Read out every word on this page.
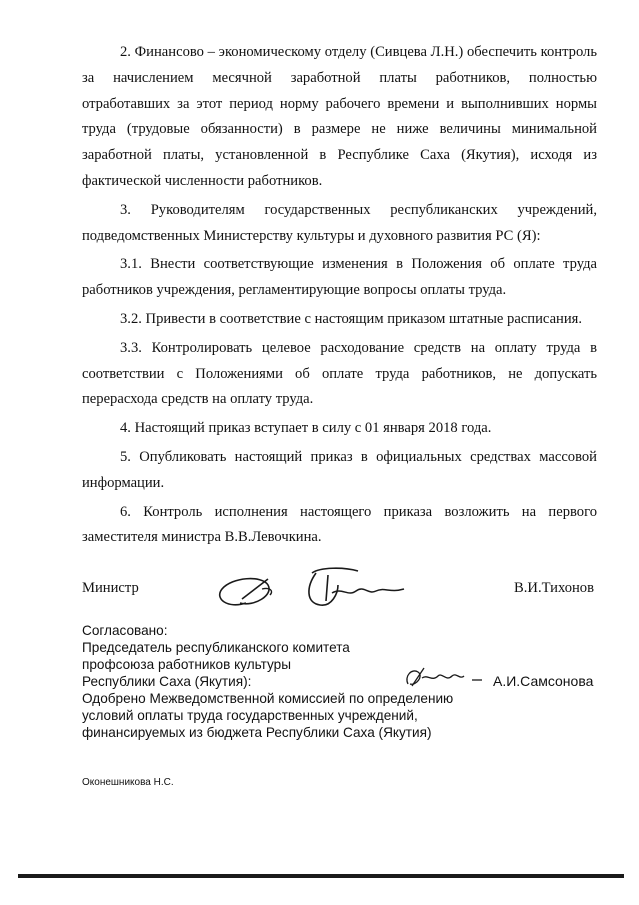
2. Финансово – экономическому отделу (Сивцева Л.Н.) обеспечить контроль за начислением месячной заработной платы работников, полностью отработавших за этот период норму рабочего времени и выполнивших нормы труда (трудовые обязанности) в размере не ниже величины минимальной заработной платы, установленной в Республике Саха (Якутия), исходя из фактической численности работников.

3. Руководителям государственных республиканских учреждений, подведомственных Министерству культуры и духовного развития РС (Я):

3.1. Внести соответствующие изменения в Положения об оплате труда работников учреждения, регламентирующие вопросы оплаты труда.

3.2. Привести в соответствие с настоящим приказом штатные расписания.

3.3. Контролировать целевое расходование средств на оплату труда в соответствии с Положениями об оплате труда работников, не допускать перерасхода средств на оплату труда.

4. Настоящий приказ вступает в силу с 01 января 2018 года.

5. Опубликовать настоящий приказ в официальных средствах массовой информации.

6. Контроль исполнения настоящего приказа возложить на первого заместителя министра В.В.Левочкина.

Министр	В.И.Тихонов
Согласовано:
Председатель республиканского комитета
профсоюза работников культуры
Республики Саха (Якутия):	А.И.Самсонова
Одобрено Межведомственной комиссией по определению
условий оплаты труда государственных учреждений,
финансируемых из бюджета Республики Саха (Якутия)
Оконешникова Н.С.
